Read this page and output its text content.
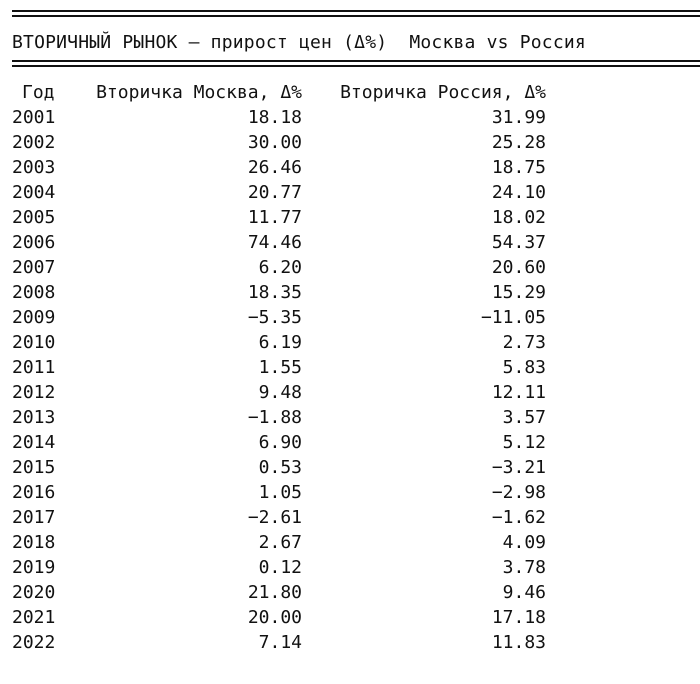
ВТОРИЧНЫЙ РЫНОК — прирост цен (Δ%)  Москва vs Россия
Год	Вторичка Москва, Δ%	Вторичка Россия, Δ%
2001	18.18	31.99
2002	30.00	25.28
2003	26.46	18.75
2004	20.77	24.10
2005	11.77	18.02
2006	74.46	54.37
2007	6.20	20.60
2008	18.35	15.29
2009	−5.35	−11.05
2010	6.19	2.73
2011	1.55	5.83
2012	9.48	12.11
2013	−1.88	3.57
2014	6.90	5.12
2015	0.53	−3.21
2016	1.05	−2.98
2017	−2.61	−1.62
2018	2.67	4.09
2019	0.12	3.78
2020	21.80	9.46
2021	20.00	17.18
2022	7.14	11.83
